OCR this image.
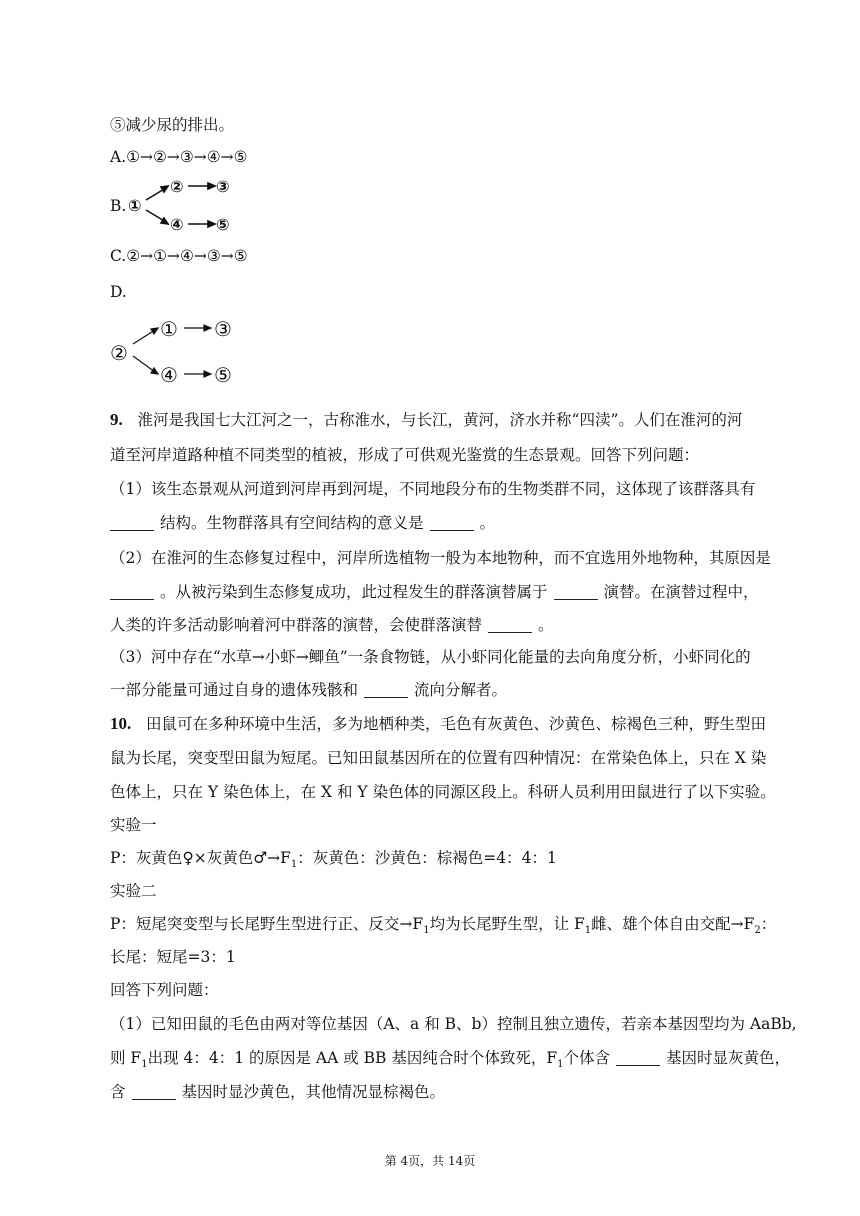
⑤减少尿的排出。
A.①→②→③→④→⑤
B. ①
② ③
④ ⑤
C.②→①→④→③→⑤
D.
②
① ③
④ ⑤
9. 淮河是我国七大江河之一，古称淮水，与长江，黄河，济水并称“四渎”。人们在淮河的河
道至河岸道路种植不同类型的植被，形成了可供观光鉴赏的生态景观。回答下列问题：
（1）该生态景观从河道到河岸再到河堤，不同地段分布的生物类群不同，这体现了该群落具有
结构。生物群落具有空间结构的意义是	。
（2）在淮河的生态修复过程中，河岸所选植物一般为本地物种，而不宜选用外地物种，其原因是
。从被污染到生态修复成功，此过程发生的群落演替属于	演替。在演替过程中，
人类的许多活动影响着河中群落的演替，会使群落演替	。
（3）河中存在“水草→小虾→鲫鱼”一条食物链，从小虾同化能量的去向角度分析，小虾同化的
一部分能量可通过自身的遗体残骸和	流向分解者。
10. 田鼠可在多种环境中生活，多为地栖种类，毛色有灰黄色、沙黄色、棕褐色三种，野生型田
鼠为长尾，突变型田鼠为短尾。已知田鼠基因所在的位置有四种情况：在常染色体上，只在 X 染
色体上，只在 Y 染色体上，在 X 和 Y 染色体的同源区段上。科研人员利用田鼠进行了以下实验。
实验一
P：灰黄色♀×灰黄色$♂\to F_1$：灰黄色：沙黄色：棕褐色=4：4：1
实验二
P：短尾突变型与长尾野生型进行正、反交$\to F_1$均为长尾野生型，让 $F_1$雌、雄个体自由交配$\to F_2$：
长尾：短尾=3：1
回答下列问题：
（1）已知田鼠的毛色由两对等位基因（A、a 和 B、b）控制且独立遗传，若亲本基因型均为 AaBb,
则 $F_1$出现 4：4：1 的原因是 AA 或 BB 基因纯合时个体致死，$F_1$个体含	基因时显灰黄色，
含	基因时显沙黄色，其他情况显棕褐色。
第 4页，共 14页
